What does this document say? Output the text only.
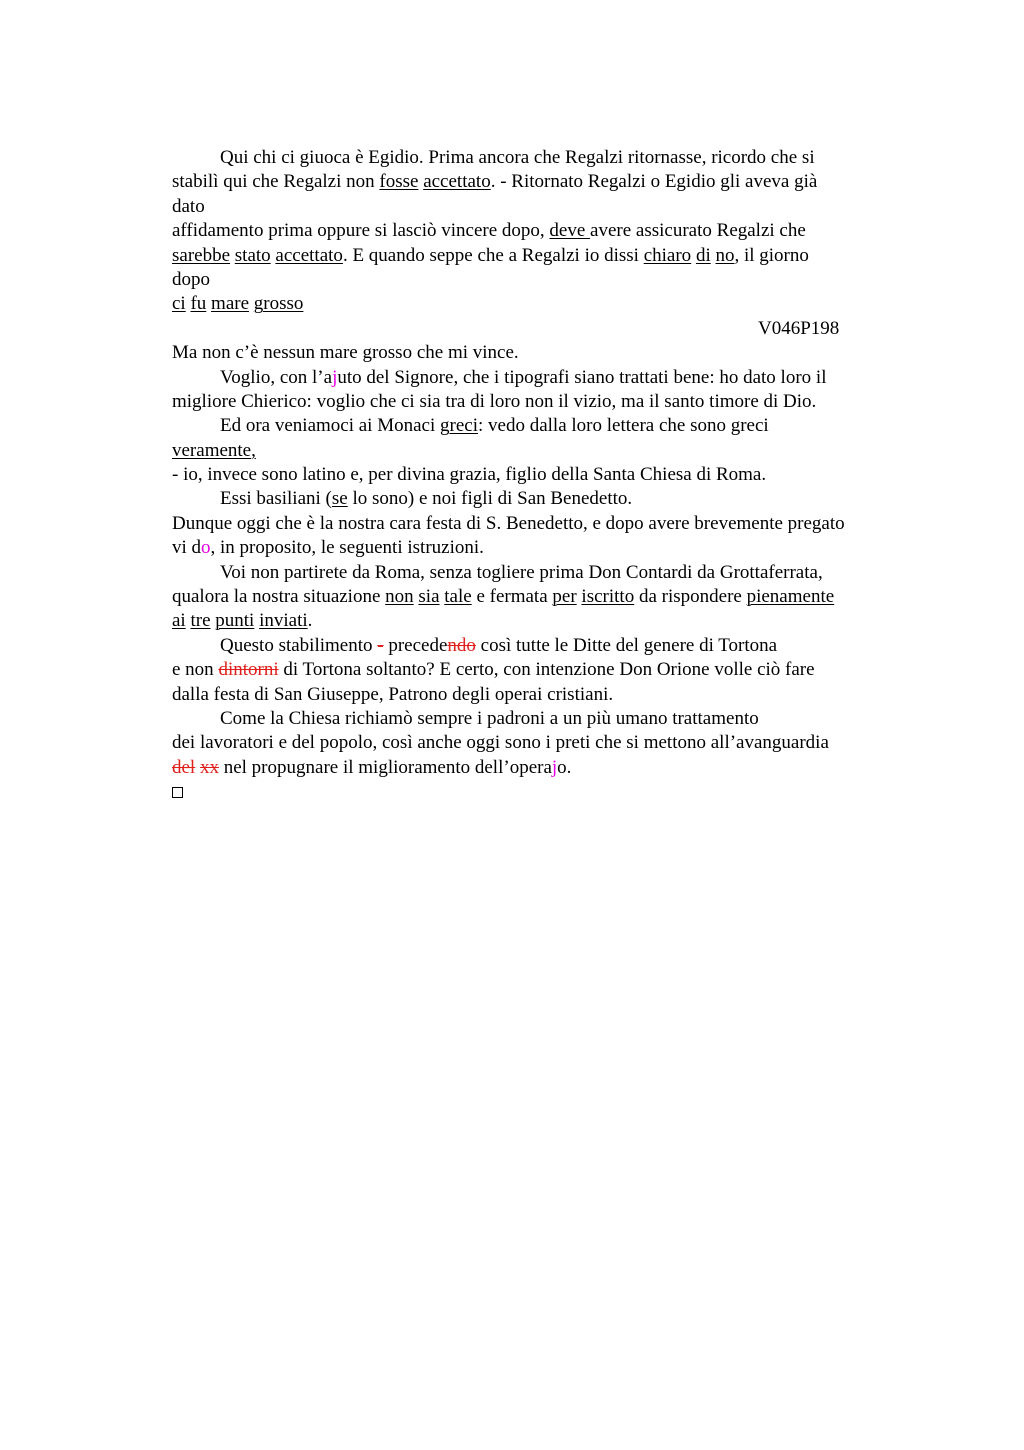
Qui chi ci giuoca è Egidio. Prima ancora che Regalzi ritornasse, ricordo che si
stabilì qui che Regalzi non fosse accettato. - Ritornato Regalzi o Egidio gli aveva già
dato
affidamento prima oppure si lasciò vincere dopo, deve avere assicurato Regalzi che
sarebbe stato accettato. E quando seppe che a Regalzi io dissi chiaro di no, il giorno
dopo
ci fu mare grosso
V046P198
Ma non c’è nessun mare grosso che mi vince.
Voglio, con l’ajuto del Signore, che i tipografi siano trattati bene: ho dato loro il
migliore Chierico: voglio che ci sia tra di loro non il vizio, ma il santo timore di Dio.
Ed ora veniamoci ai Monaci greci: vedo dalla loro lettera che sono greci
veramente,
- io, invece sono latino e, per divina grazia, figlio della Santa Chiesa di Roma.
Essi basiliani (se lo sono) e noi figli di San Benedetto.
Dunque oggi che è la nostra cara festa di S. Benedetto, e dopo avere brevemente pregato
vi do, in proposito, le seguenti istruzioni.
Voi non partirete da Roma, senza togliere prima Don Contardi da Grottaferrata,
qualora la nostra situazione non sia tale e fermata per iscritto da rispondere pienamente
ai tre punti inviati.
Questo stabilimento - precedendo così tutte le Ditte del genere di Tortona
e non dintorni di Tortona soltanto? E certo, con intenzione Don Orione volle ciò fare
dalla festa di San Giuseppe, Patrono degli operai cristiani.
Come la Chiesa richiamò sempre i padroni a un più umano trattamento
dei lavoratori e del popolo, così anche oggi sono i preti che si mettono all’avanguardia
del xx nel propugnare il miglioramento dell’operajo.
